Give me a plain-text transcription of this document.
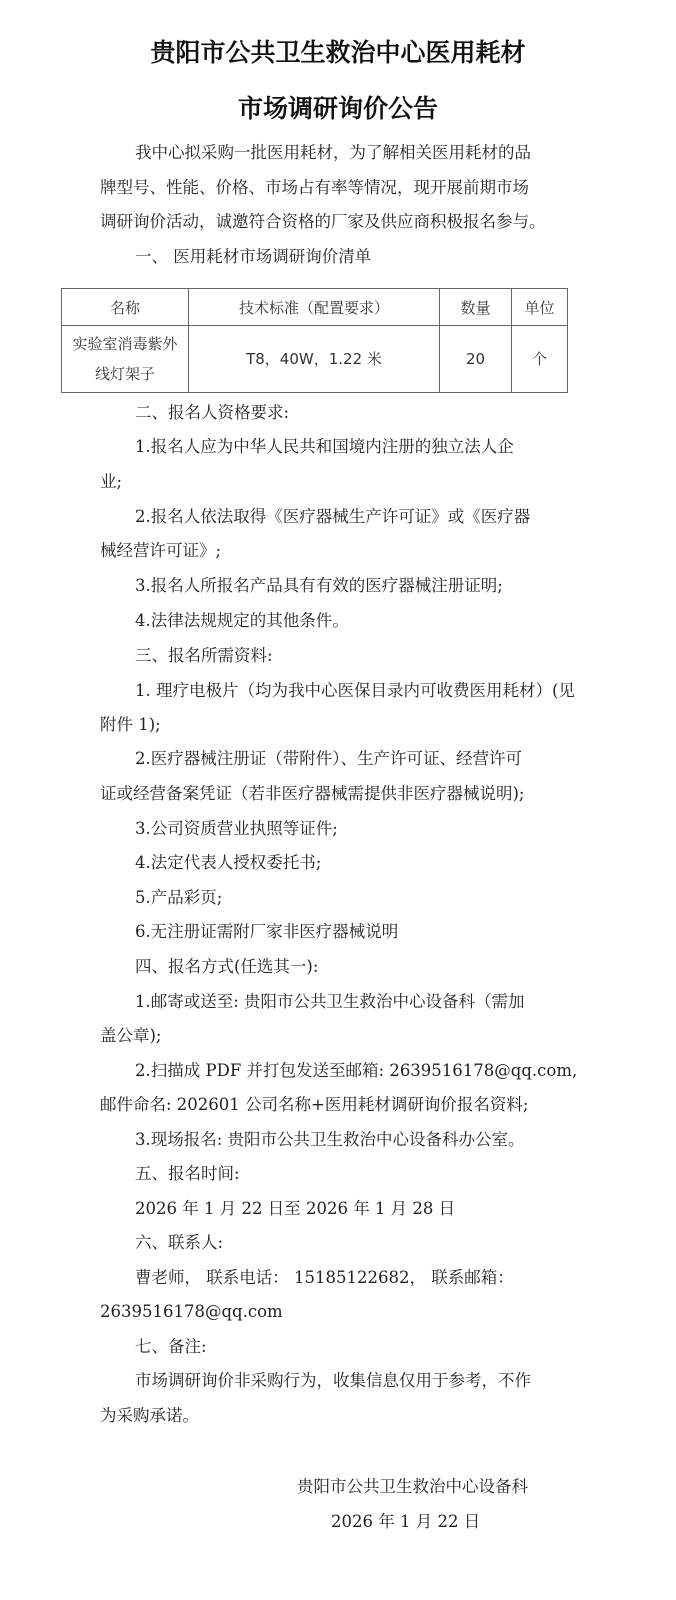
贵阳市公共卫生救治中心医用耗材
市场调研询价公告
我中心拟采购一批医用耗材，为了解相关医用耗材的品
牌型号、性能、价格、市场占有率等情况，现开展前期市场
调研询价活动，诚邀符合资格的厂家及供应商积极报名参与。
一、 医用耗材市场调研询价清单
名称	技术标准（配置要求）	数量	单位
实验室消毒紫外线灯架子	T8，40W，1.22 米	20	个
二、报名人资格要求:
1.报名人应为中华人民共和国境内注册的独立法人企
业;
2.报名人依法取得《医疗器械生产许可证》或《医疗器
械经营许可证》;
3.报名人所报名产品具有有效的医疗器械注册证明;
4.法律法规规定的其他条件。
三、报名所需资料:
1. 理疗电极片（均为我中心医保目录内可收费医用耗材）(见
附件 1);
2.医疗器械注册证（带附件）、生产许可证、经营许可
证或经营备案凭证（若非医疗器械需提供非医疗器械说明);
3.公司资质营业执照等证件;
4.法定代表人授权委托书;
5.产品彩页;
6.无注册证需附厂家非医疗器械说明
四、报名方式(任选其一):
1.邮寄或送至: 贵阳市公共卫生救治中心设备科（需加
盖公章);
2.扫描成 PDF 并打包发送至邮箱: 2639516178@qq.com,
邮件命名: 202601 公司名称+医用耗材调研询价报名资料;
3.现场报名: 贵阳市公共卫生救治中心设备科办公室。
五、报名时间:
2026 年 1 月 22 日至 2026 年 1 月 28 日
六、联系人:
曹老师， 联系电话： 15185122682， 联系邮箱：
2639516178@qq.com
七、备注:
市场调研询价非采购行为，收集信息仅用于参考，不作
为采购承诺。
贵阳市公共卫生救治中心设备科
2026 年 1 月 22 日
